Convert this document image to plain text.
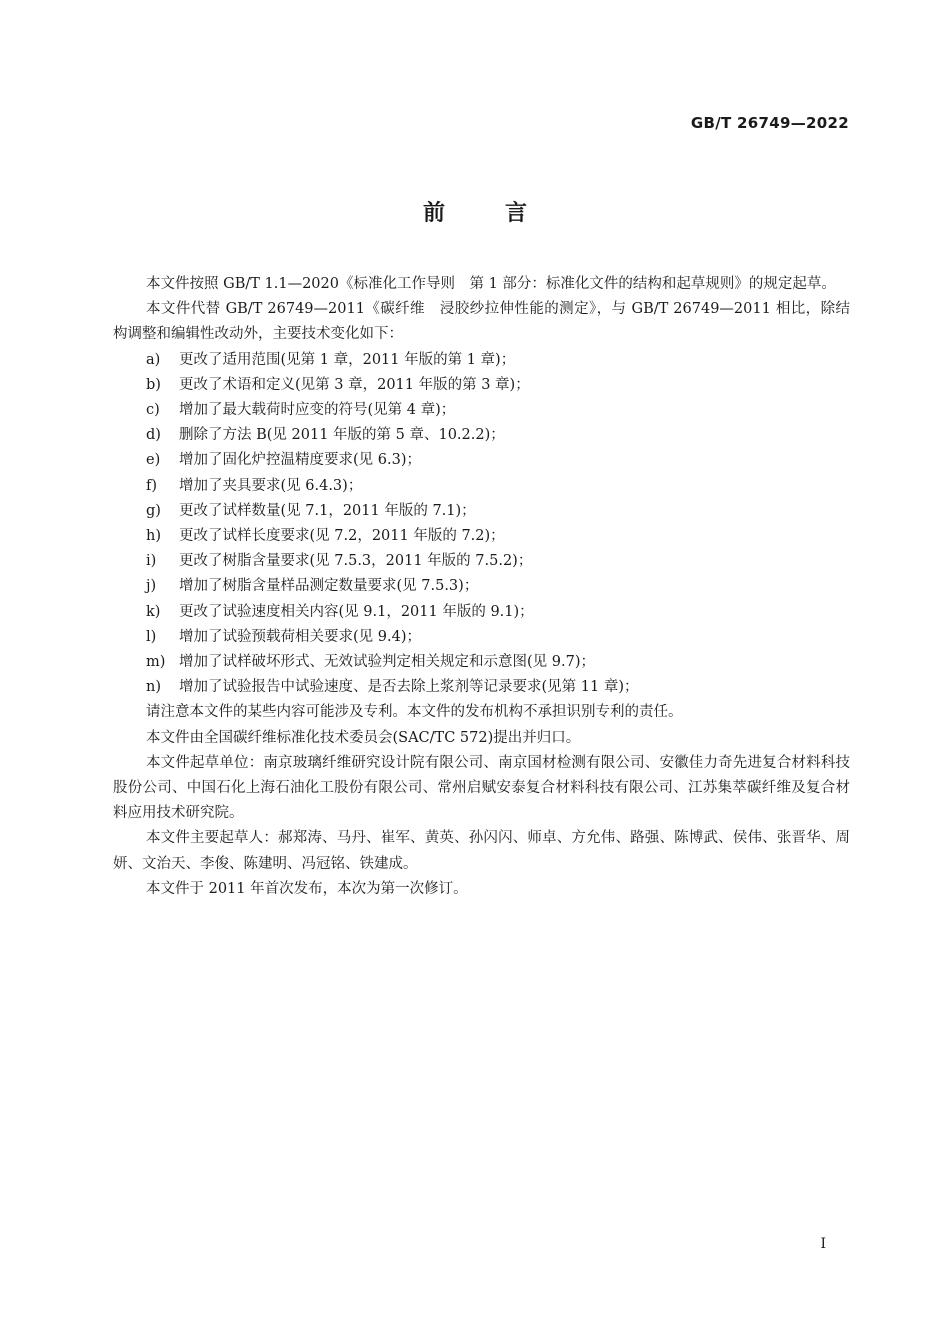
GB/T 26749—2022
前言

本文件按照 GB/T 1.1—2020《标准化工作导则　第 1 部分：标准化文件的结构和起草规则》的规定起草。

本文件代替 GB/T 26749—2011《碳纤维　浸胶纱拉伸性能的测定》，与 GB/T 26749—2011 相比，除结构调整和编辑性改动外，主要技术变化如下：

a)	更改了适用范围(见第 1 章，2011 年版的第 1 章)；
b)	更改了术语和定义(见第 3 章，2011 年版的第 3 章)；
c)	增加了最大载荷时应变的符号(见第 4 章)；
d)	删除了方法 B(见 2011 年版的第 5 章、10.2.2)；
e)	增加了固化炉控温精度要求(见 6.3)；
f)	增加了夹具要求(见 6.4.3)；
g)	更改了试样数量(见 7.1，2011 年版的 7.1)；
h)	更改了试样长度要求(见 7.2，2011 年版的 7.2)；
i)	更改了树脂含量要求(见 7.5.3，2011 年版的 7.5.2)；
j)	增加了树脂含量样品测定数量要求(见 7.5.3)；
k)	更改了试验速度相关内容(见 9.1，2011 年版的 9.1)；
l)	增加了试验预载荷相关要求(见 9.4)；
m) 增加了试样破坏形式、无效试验判定相关规定和示意图(见 9.7)；
n)	增加了试验报告中试验速度、是否去除上浆剂等记录要求(见第 11 章)；

请注意本文件的某些内容可能涉及专利。本文件的发布机构不承担识别专利的责任。

本文件由全国碳纤维标准化技术委员会(SAC/TC 572)提出并归口。

本文件起草单位：南京玻璃纤维研究设计院有限公司、南京国材检测有限公司、安徽佳力奇先进复合材料科技股份公司、中国石化上海石油化工股份有限公司、常州启赋安泰复合材料科技有限公司、江苏集萃碳纤维及复合材料应用技术研究院。

本文件主要起草人：郝郑涛、马丹、崔军、黄英、孙闪闪、师卓、方允伟、路强、陈博武、侯伟、张晋华、周妍、文治天、李俊、陈建明、冯冠铭、铁建成。

本文件于 2011 年首次发布，本次为第一次修订。

I
